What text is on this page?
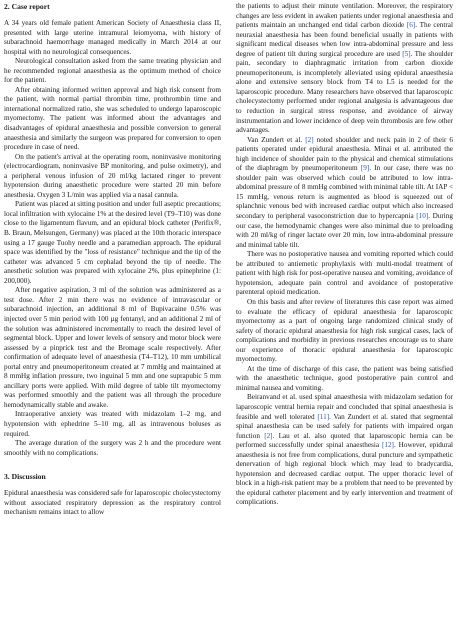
2. Case report

A 34 years old female patient American Society of Anaesthesia class II, presented with large uterine intramural leiomyoma, with history of subarachnoid haemorrhage managed medically in March 2014 at our hospital with no neurological consequences.

Neurological consultation asked from the same treating physician and he recommended regional anaesthesia as the optimum method of choice for the patient.

After obtaining informed written approval and high risk consent from the patient, with normal partial thrombin time, prothrombin time and international normalized ratio, she was scheduled to undergo laparoscopic myomectomy. The patient was informed about the advantages and disadvantages of epidural anaesthesia and possible conversion to general anaesthesia and similarly the surgeon was prepared for conversion to open procedure in case of need.

On the patient's arrival at the operating room, noninvasive monitoring (electrocardiogram, noninvasive BP monitoring, and pulse oximetry), and a peripheral venous infusion of 20 ml/kg lactated ringer to prevent hypotension during anaesthetic procedure were started 20 min before anesthesia. Oxygen 3 L/min was applied via a nasal cannula.

Patient was placed at sitting position and under full aseptic precautions; local infiltration with xylocaine 1% at the desired level (T9–T10) was done close to the ligamentum flavum, and an epidural block catheter (Perifix®, B. Braun, Melsungen, Germany) was placed at the 10th thoracic interspace using a 17 gauge Tuohy needle and a paramedian approach. The epidural space was identified by the "loss of resistance" technique and the tip of the catheter was advanced 5 cm cephalad beyond the tip of needle. The anesthetic solution was prepared with xylocaine 2%, plus epinephrine (1: 200,000).

After negative aspiration, 3 ml of the solution was administered as a test dose. After 2 min there was no evidence of intravascular or subarachnoid injection, an additional 8 ml of Bupivacaine 0.5% was injected over 5 min period with 100 µg fentanyl, and an additional 2 ml of the solution was administered incrementally to reach the desired level of segmental block. Upper and lower levels of sensory and motor block were assessed by a pinprick test and the Bromage scale respectively. After confirmation of adequate level of anaesthesia (T4–T12), 10 mm umbilical portal entry and pneumoperitoneum created at 7 mmHg and maintained at 8 mmHg inflation pressure, two inguinal 5 mm and one suprapubic 5 mm ancillary ports were applied. With mild degree of table tilt myomectomy was performed smoothly and the patient was all through the procedure hemodynamically stable and awake.

Intraoperative anxiety was treated with midazolam 1–2 mg, and hypotension with ephedrine 5–10 mg, all as intravenous boluses as required.

The average duration of the surgery was 2 h and the procedure went smoothly with no complications.

3. Discussion

Epidural anaesthesia was considered safe for laparoscopic cholecystectomy without associated respiratory depression as the respiratory control mechanism remains intact to allow

the patients to adjust their minute ventilation. Moreover, the respiratory changes are less evident in awaken patients under regional anaesthesia and patients maintain an unchanged end tidal carbon dioxide [6]. The central neuraxial anaesthesia has been found beneficial usually in patients with significant medical diseases when low intra-abdominal pressure and less degree of patient tilt during surgical procedure are used [5]. The shoulder pain, secondary to diaphragmatic irritation from carbon dioxide pneumoperitoneum, is incompletely alleviated using epidural anaesthesia alone and extensive sensory block from T4 to L5 is needed for the laparoscopic procedure. Many researchers have observed that laparoscopic cholecystectomy performed under regional analgesia is advantageous due to reduction in surgical stress response, and avoidance of airway instrumentation and lower incidence of deep vein thrombosis are few other advantages.

Van Zundert et al. [2] noted shoulder and neck pain in 2 of their 6 patients operated under epidural anaesthesia. Minai et al. attributed the high incidence of shoulder pain to the physical and chemical stimulations of the diaphragm by pneumoperitoneum [9]. In our case, there was no shoulder pain was observed which could be attributed to low intra-abdominal pressure of 8 mmHg combined with minimal table tilt. At IAP < 15 mmHg, venous return is augmented as blood is squeezed out of splanchnic venous bed with increased cardiac output which also increased secondary to peripheral vasoconstriction due to hypercapnia [10]. During our case, the hemodynamic changes were also minimal due to preloading with 20 ml/kg of ringer lactate over 20 min, low intra-abdominal pressure and minimal table tilt.

There was no postoperative nausea and vomiting reported which could be attributed to antiemetic prophylaxis with multi-modal treatment of patient with high risk for post-operative nausea and vomiting, avoidance of hypotension, adequate pain control and avoidance of postoperative parenteral opioid medication.

On this basis and after review of literatures this case report was aimed to evaluate the efficacy of epidural anaesthesia for laparoscopic myomectomy as a part of ongoing large randomized clinical study of safety of thoracic epidural anaesthesia for high risk surgical cases, lack of complications and morbidity in previous researches encourage us to share our experience of thoracic epidural anaesthesia for laparoscopic myomectomy.

At the time of discharge of this case, the patient was being satisfied with the anaesthetic technique, good postoperative pain control and minimal nausea and vomiting.

Beiranvand et al. used spinal anaesthesia with midazolam sedation for laparoscopic ventral hernia repair and concluded that spinal anaesthesia is feasible and well tolerated [11]. Van Zundert et al. stated that segmental spinal anaesthesia can be used safely for patients with impaired organ function [2]. Lau et al. also quoted that laparoscopic hernia can be performed successfully under spinal anaesthesia [12]. However, epidural anaesthesia is not free from complications, dural puncture and sympathetic denervation of high regional block which may lead to bradycardia, hypotension and decreased cardiac output. The upper thoracic level of block in a high-risk patient may be a problem that need to be prevented by the epidural catheter placement and by early intervention and treatment of complications.
